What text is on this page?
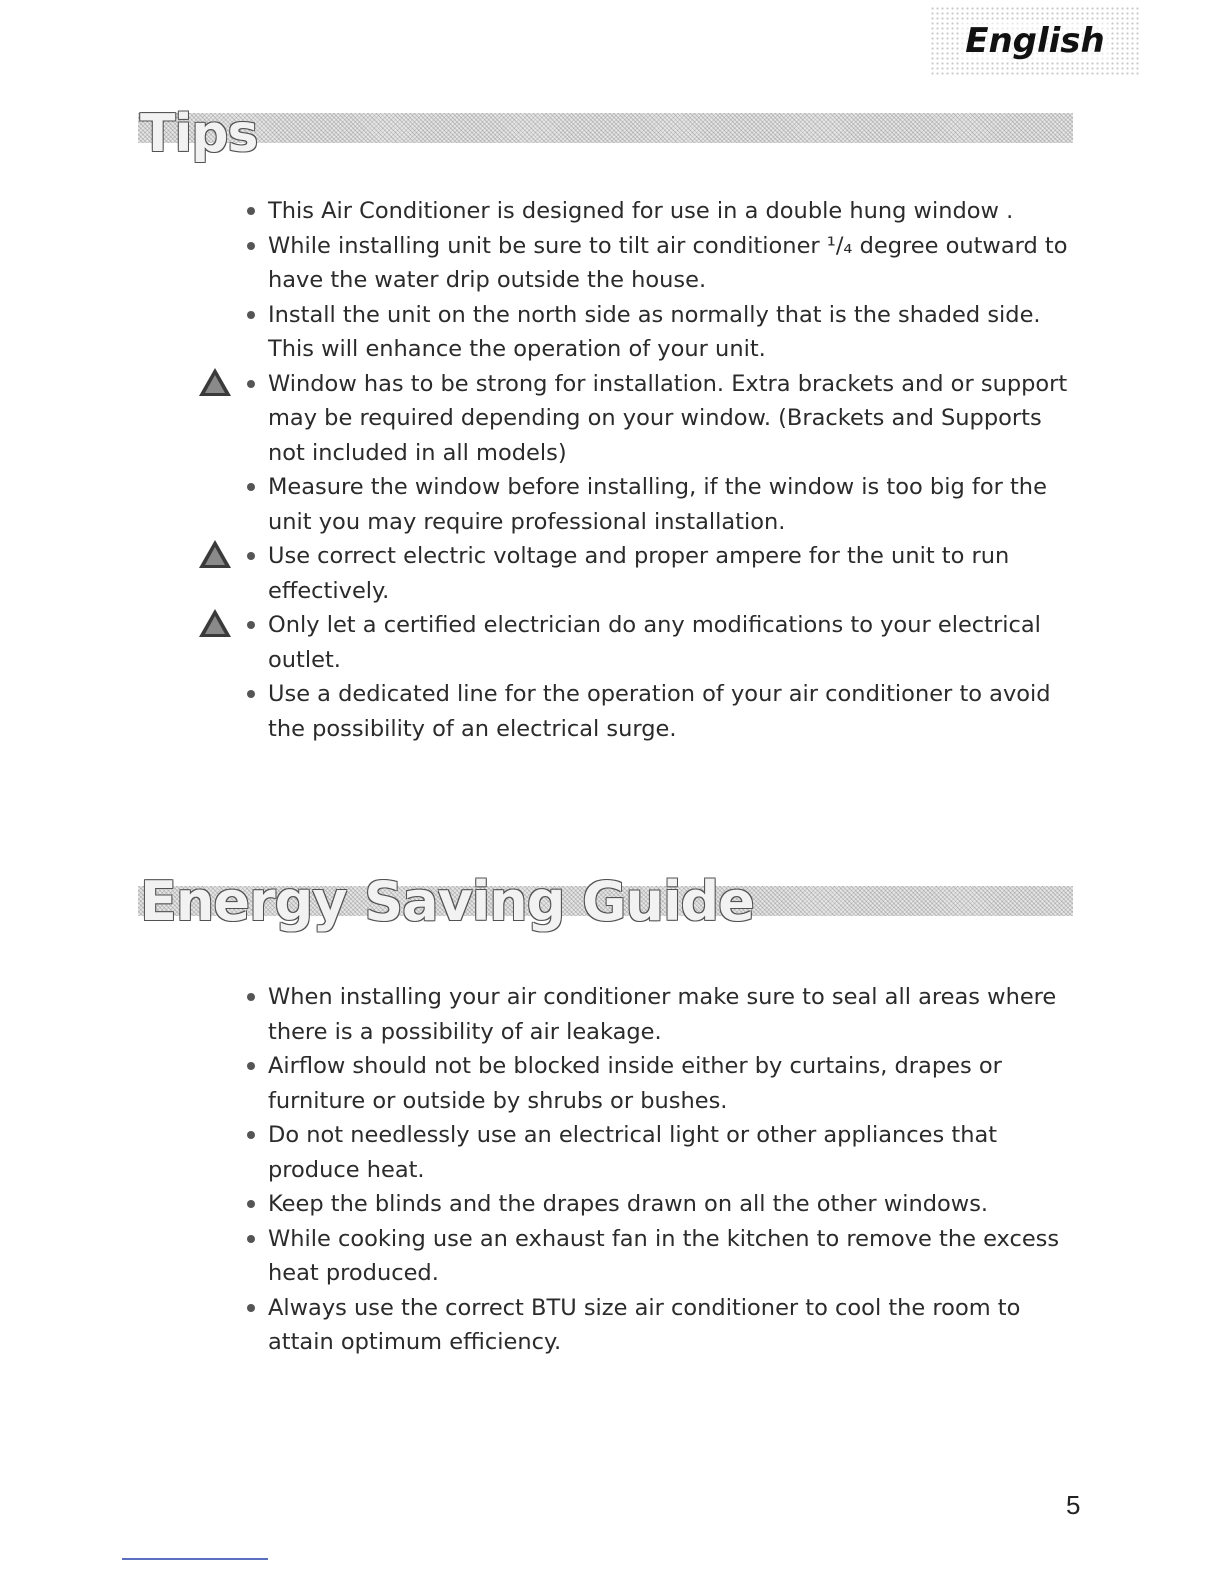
English
Tips
This Air Conditioner is designed for use in a double hung window .
While installing unit be sure to tilt air conditioner ¹/₄ degree outward to have the water drip outside the house.
Install the unit on the north side as normally that is the shaded side. This will enhance the operation of your unit.
Window has to be strong for installation. Extra brackets and or support may be required depending on your window. (Brackets and Supports not included in all models)
Measure the window before installing, if the window is too big for the unit you may require professional installation.
Use correct electric voltage and proper ampere for the unit to run effectively.
Only let a certified electrician do any modifications to your electrical outlet.
Use a dedicated line for the operation of your air conditioner to avoid the possibility of an electrical surge.
Energy Saving Guide
When installing your air conditioner make sure to seal all areas where there is a possibility of air leakage.
Airflow should not be blocked inside either by curtains, drapes or furniture or outside by shrubs or bushes.
Do not needlessly use an electrical light or other appliances that produce heat.
Keep the blinds and the drapes drawn on all the other windows.
While cooking use an exhaust fan in the kitchen to remove the excess heat produced.
Always use the correct BTU size air conditioner to cool the room to attain optimum efficiency.
5
